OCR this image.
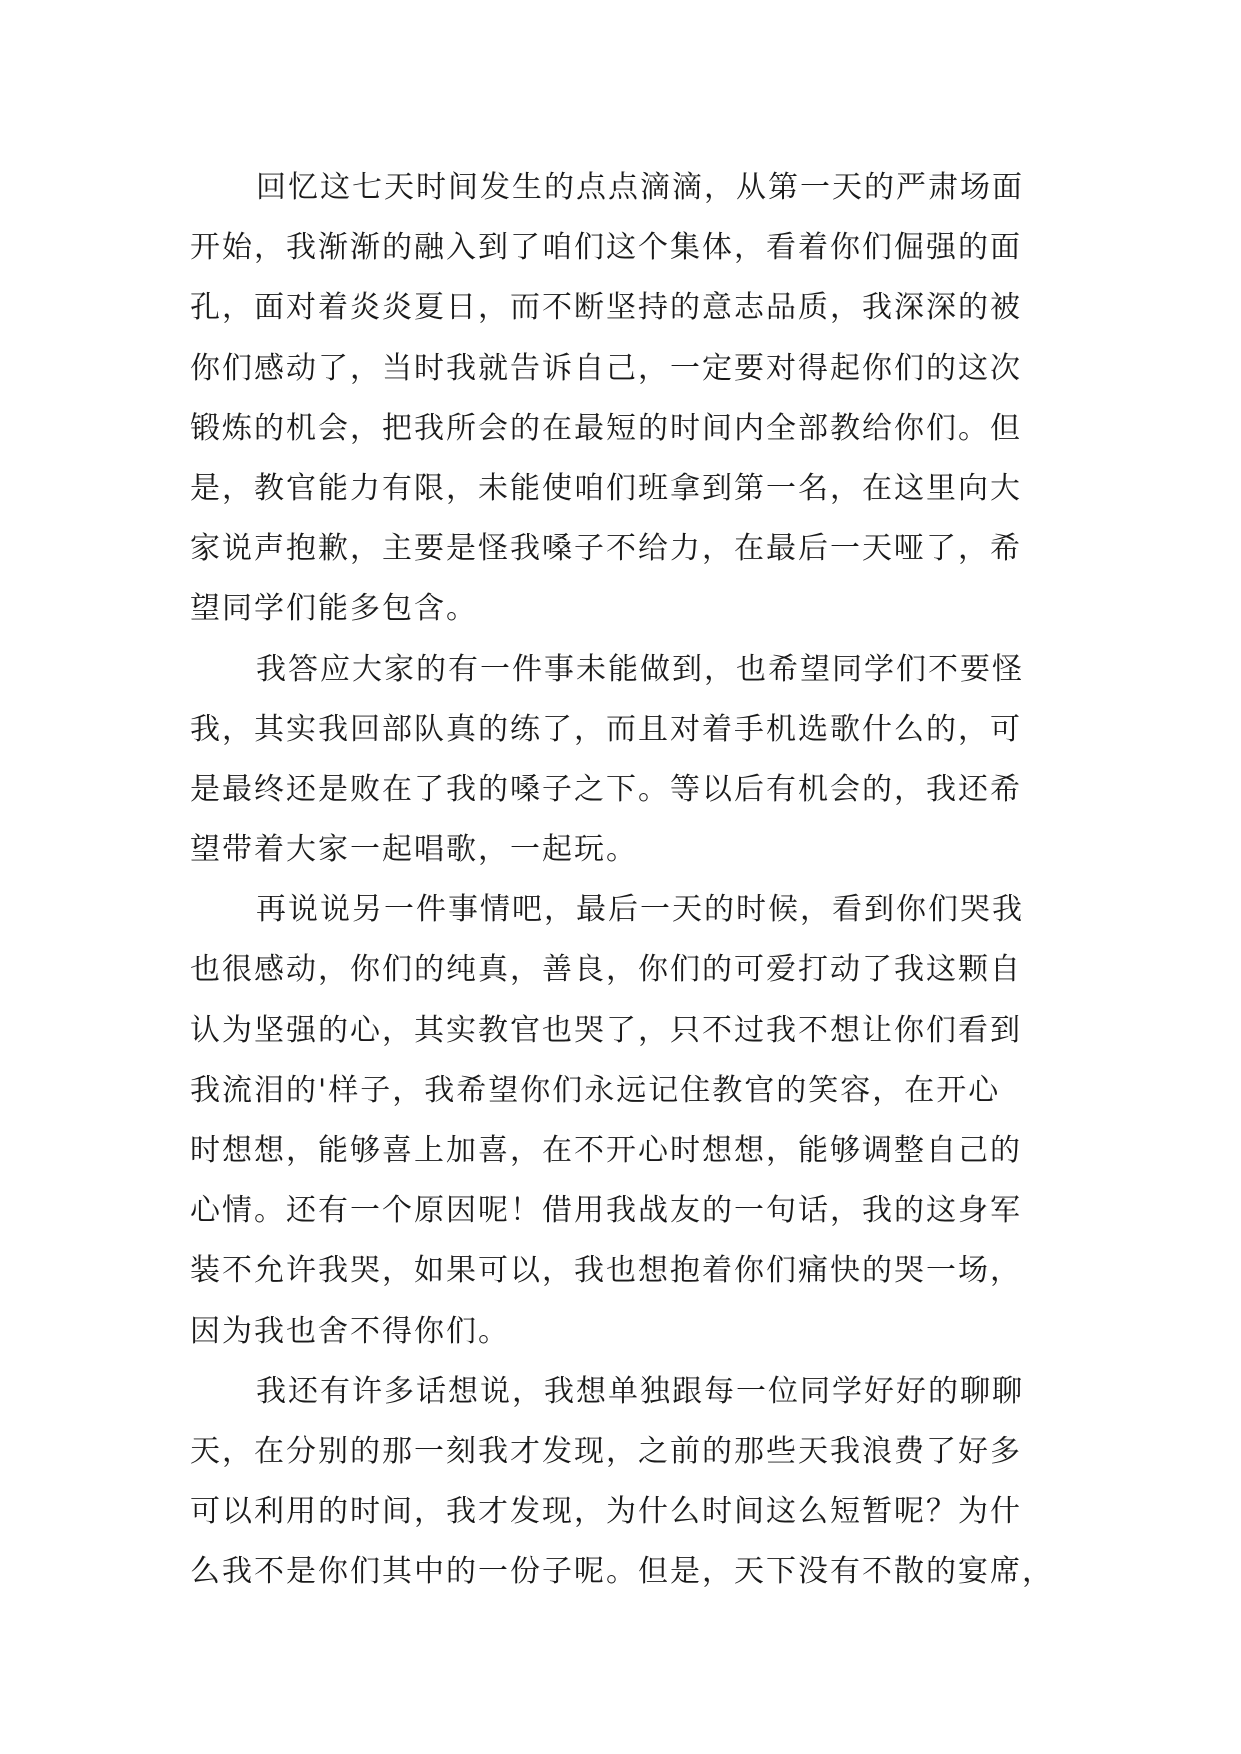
回忆这七天时间发生的点点滴滴，从第一天的严肃场面
开始，我渐渐的融入到了咱们这个集体，看着你们倔强的面
孔，面对着炎炎夏日，而不断坚持的意志品质，我深深的被
你们感动了，当时我就告诉自己，一定要对得起你们的这次
锻炼的机会，把我所会的在最短的时间内全部教给你们。但
是，教官能力有限，未能使咱们班拿到第一名，在这里向大
家说声抱歉，主要是怪我嗓子不给力，在最后一天哑了，希
望同学们能多包含。
我答应大家的有一件事未能做到，也希望同学们不要怪
我，其实我回部队真的练了，而且对着手机选歌什么的，可
是最终还是败在了我的嗓子之下。等以后有机会的，我还希
望带着大家一起唱歌，一起玩。
再说说另一件事情吧，最后一天的时候，看到你们哭我
也很感动，你们的纯真，善良，你们的可爱打动了我这颗自
认为坚强的心，其实教官也哭了，只不过我不想让你们看到
我流泪的'样子，我希望你们永远记住教官的笑容，在开心
时想想，能够喜上加喜，在不开心时想想，能够调整自己的
心情。还有一个原因呢！借用我战友的一句话，我的这身军
装不允许我哭，如果可以，我也想抱着你们痛快的哭一场，
因为我也舍不得你们。
我还有许多话想说，我想单独跟每一位同学好好的聊聊
天，在分别的那一刻我才发现，之前的那些天我浪费了好多
可以利用的时间，我才发现，为什么时间这么短暂呢？为什
么我不是你们其中的一份子呢。但是，天下没有不散的宴席，
